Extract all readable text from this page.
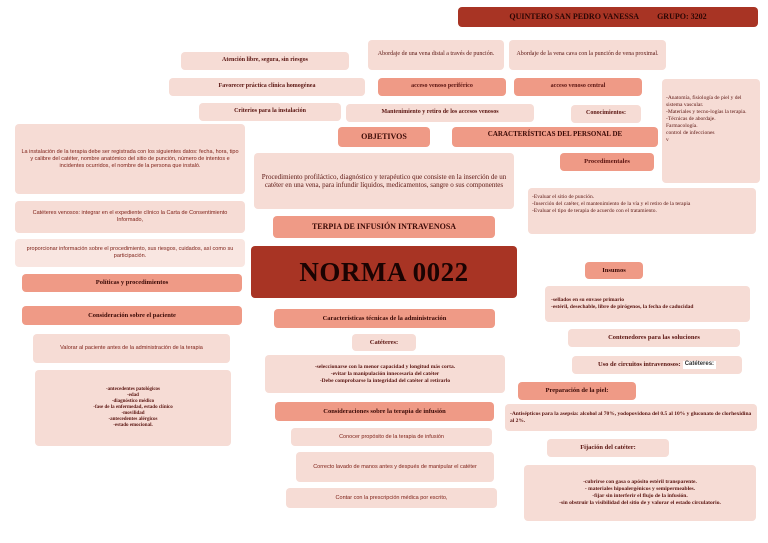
QUINTERO SAN PEDRO VANESSA GRUPO: 3202
Atención libre, segura, sin riesgos
Favorecer práctica clínica homogénea
Criterios para la instalación	Mantenimiento y retiro de los accesos venosos
Abordaje de una vena distal a través de punción.	Abordaje de la vena cava con la punción de vena proximal.
acceso venoso periférico	acceso venoso central
OBJETIVOS	CARACTERÍSTICAS DEL PERSONAL DE
Conocimientos:
-Anatomía, fisiología de piel y del sistema vascular.
-Materiales y tecno-logías la terapia.
-Técnicas de abordaje.
Farmacología.
control de infecciones
v
Procedimentales
-Evaluar el sitio de punción.
-Inserción del catéter, el mantenimiento de la vía y el retiro de la terapia
-Evaluar el tipo de terapia de acuerdo con el tratamiento.
Procedimiento profiláctico, diagnóstico y terapéutico que consiste en la inserción de un catéter en una vena, para infundir líquidos, medicamentos, sangre o sus componentes
TERPIA DE INFUSIÓN INTRAVENOSA
NORMA 0022
La instalación de la terapia debe ser registrada con los siguientes datos: fecha, hora, tipo y calibre del catéter, nombre anatómico del sitio de punción, número de intentos e incidentes ocurridos, el nombre de la persona que instaló.
Catéteres venosos: integrar en el expediente clínico la Carta de Consentimiento Informado,
proporcionar información sobre el procedimiento, sus riesgos, cuidados, así como su participación.
Políticas y procedimientos
Consideración sobre el paciente
Valorar al paciente antes de la administración de la terapia
-antecedentes patológicos
-edad
-diagnóstico médico
-fase de la enfermedad, estado clínico
-movilidad
-antecedentes alérgicos
-estado emocional.
Características técnicas de la administración
Catéteres:
-seleccionarse con la menor capacidad y longitud más corta.
-evitar la manipulación innecesaria del catéter
-Debe comprobarse la integridad del catéter al retirarlo
Consideraciones sobre la terapia de infusión
Conocer propósito de la terapia de infusión
Correcto lavado de manos antes y después de manipular el catéter
Contar con la prescripción médica por escrito,
Insumos
-sellados en su envase primario
-estéril, desechable, libre de pirógenos, la fecha de caducidad
Contenedores para las soluciones
Uso de circuitos intravenosos: Catéteres:
Preparación de la piel:
-Antisépticos para la asepsia: alcohol al 70%, yodopovidona del 0.5 al 10% y gluconato de clorhexidina al 2%.
Fijación del catéter:
-cubrirse con gasa o apósito estéril transparente.
- materiales hipoalergénicos y semipermeables.
-fijar sin interferir el flujo de la infusión.
-sin obstruir la visibilidad del sitio de y valorar el estado circulatorio.
